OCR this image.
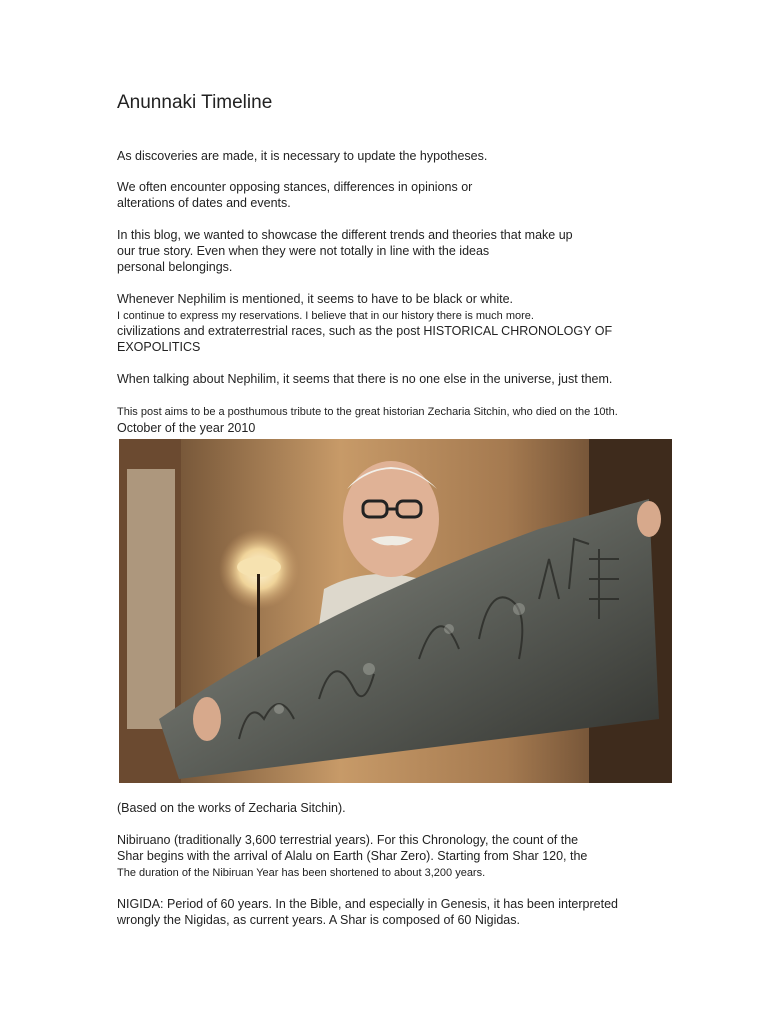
Anunnaki Timeline
As discoveries are made, it is necessary to update the hypotheses.
We often encounter opposing stances, differences in opinions or
alterations of dates and events.
In this blog, we wanted to showcase the different trends and theories that make up
our true story. Even when they were not totally in line with the ideas
personal belongings.
Whenever Nephilim is mentioned, it seems to have to be black or white.
I continue to express my reservations. I believe that in our history there is much more.
civilizations and extraterrestrial races, such as the post HISTORICAL CHRONOLOGY OF
EXOPOLITICS
When talking about Nephilim, it seems that there is no one else in the universe, just them.
This post aims to be a posthumous tribute to the great historian Zecharia Sitchin, who died on the 10th.
October of the year 2010
(Based on the works of Zecharia Sitchin).
Nibiruano (traditionally 3,600 terrestrial years). For this Chronology, the count of the
Shar begins with the arrival of Alalu on Earth (Shar Zero). Starting from Shar 120, the
The duration of the Nibiruan Year has been shortened to about 3,200 years.
NIGIDA: Period of 60 years. In the Bible, and especially in Genesis, it has been interpreted
wrongly the Nigidas, as current years. A Shar is composed of 60 Nigidas.
